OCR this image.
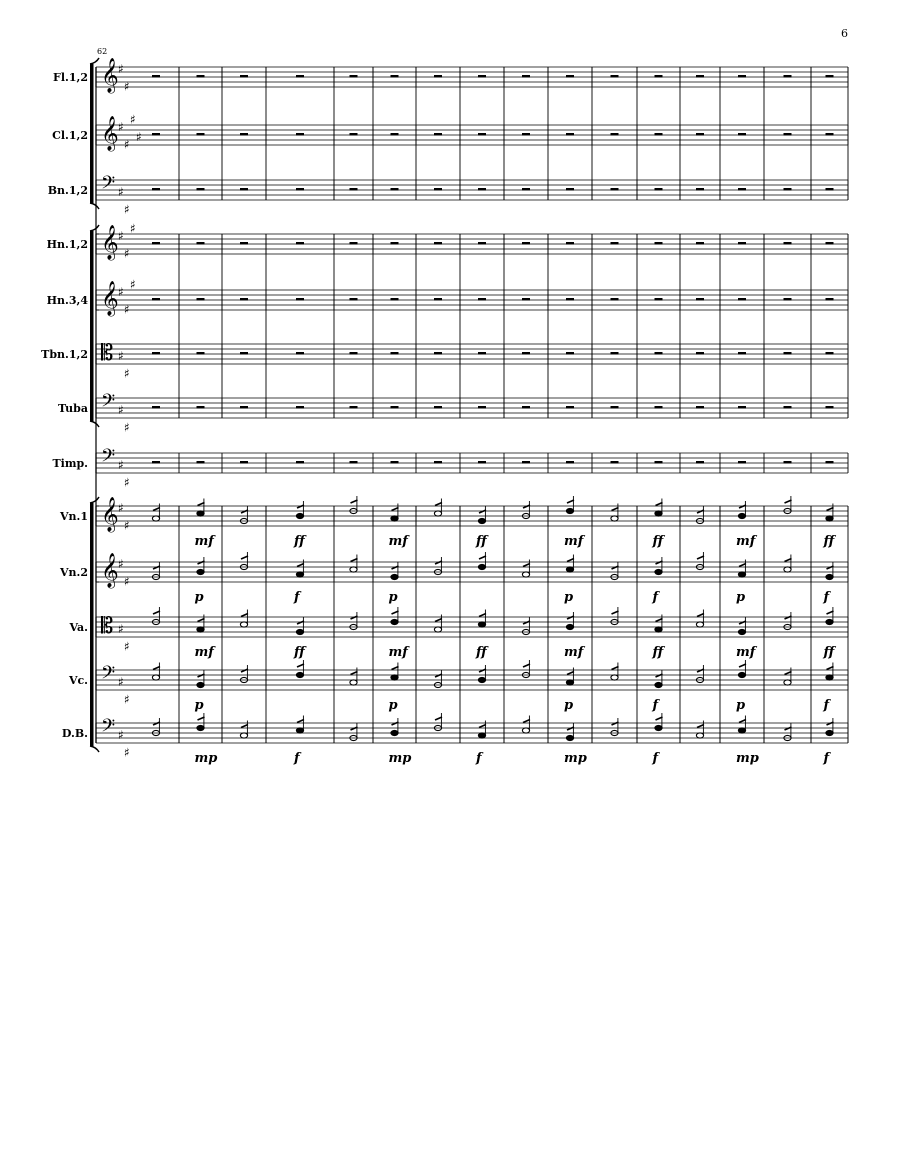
6
62
Fl.1,2
Cl.1,2
Bn.1,2
Hn.1,2
Hn.3,4
Tbn.1,2
Tuba
Timp.
Vn.1
Vn.2
Va.
Vc.
D.B.
𝄞 ♯
♯
𝄞 ♯
♯
♯
♯
𝄢 ♯
♯
𝄞 ♯
♯
♯
𝄞 ♯
♯
♯
𝄡 ♯
♯
𝄢 ♯
♯
𝄢 ♯
♯
𝄞 ♯
♯
mf	ff	mf	ff	mf	ff	mf	ff
𝄞 ♯
♯
p	f	p	p	f	p	f
𝄡 ♯
♯	mf	ff	mf	ff	mf	ff	mf	ff
𝄢 ♯
♯	p	p	p	f	p	f
𝄢 ♯
♯	mp	f	mp	f	mp	f	mp	f
